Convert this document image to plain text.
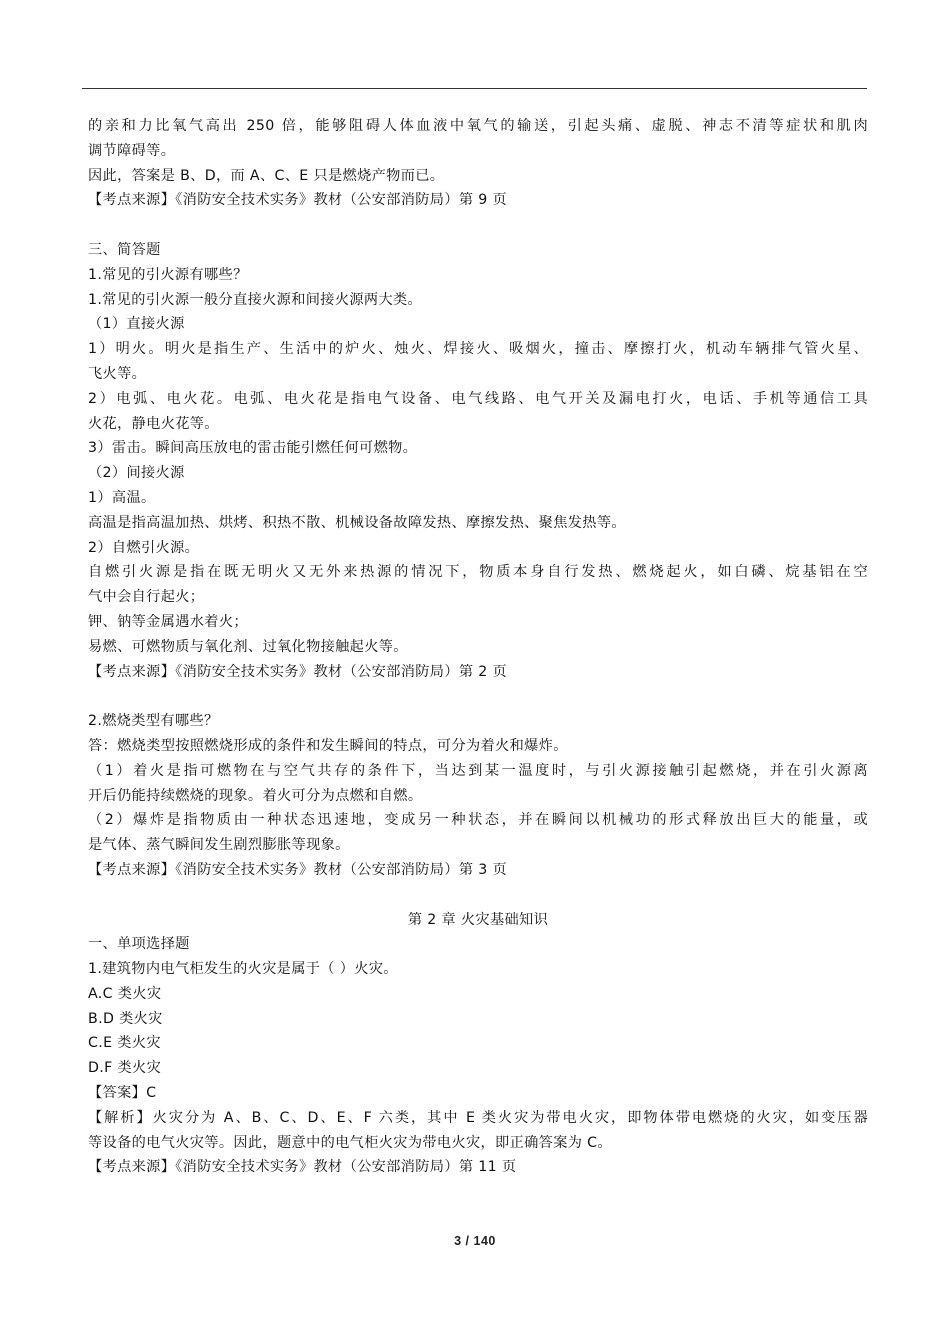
的亲和力比氧气高出 250 倍，能够阻碍人体血液中氧气的输送，引起头痛、虚脱、神志不清等症状和肌肉
调节障碍等。
因此，答案是 B、D，而 A、C、E 只是燃烧产物而已。
【考点来源】《消防安全技术实务》教材（公安部消防局）第 9 页
三、简答题
1.常见的引火源有哪些？
1.常见的引火源一般分直接火源和间接火源两大类。
（1）直接火源
1）明火。明火是指生产、生活中的炉火、烛火、焊接火、吸烟火，撞击、摩擦打火，机动车辆排气管火星、
飞火等。
2）电弧、电火花。电弧、电火花是指电气设备、电气线路、电气开关及漏电打火，电话、手机等通信工具
火花，静电火花等。
3）雷击。瞬间高压放电的雷击能引燃任何可燃物。
（2）间接火源
1）高温。
高温是指高温加热、烘烤、积热不散、机械设备故障发热、摩擦发热、聚焦发热等。
2）自燃引火源。
自燃引火源是指在既无明火又无外来热源的情况下，物质本身自行发热、燃烧起火，如白磷、烷基铝在空
气中会自行起火；
钾、钠等金属遇水着火；
易燃、可燃物质与氧化剂、过氧化物接触起火等。
【考点来源】《消防安全技术实务》教材（公安部消防局）第 2 页
2.燃烧类型有哪些？
答：燃烧类型按照燃烧形成的条件和发生瞬间的特点，可分为着火和爆炸。
（1）着火是指可燃物在与空气共存的条件下，当达到某一温度时，与引火源接触引起燃烧，并在引火源离
开后仍能持续燃烧的现象。着火可分为点燃和自燃。
（2）爆炸是指物质由一种状态迅速地，变成另一种状态，并在瞬间以机械功的形式释放出巨大的能量，或
是气体、蒸气瞬间发生剧烈膨胀等现象。
【考点来源】《消防安全技术实务》教材（公安部消防局）第 3 页
第 2 章 火灾基础知识
一、单项选择题
1.建筑物内电气柜发生的火灾是属于（ ）火灾。
A.C 类火灾
B.D 类火灾
C.E 类火灾
D.F 类火灾
【答案】C
【解析】火灾分为 A、B、C、D、E、F 六类，其中 E 类火灾为带电火灾，即物体带电燃烧的火灾，如变压器
等设备的电气火灾等。因此，题意中的电气柜火灾为带电火灾，即正确答案为 C。
【考点来源】《消防安全技术实务》教材（公安部消防局）第 11 页
3 / 140
